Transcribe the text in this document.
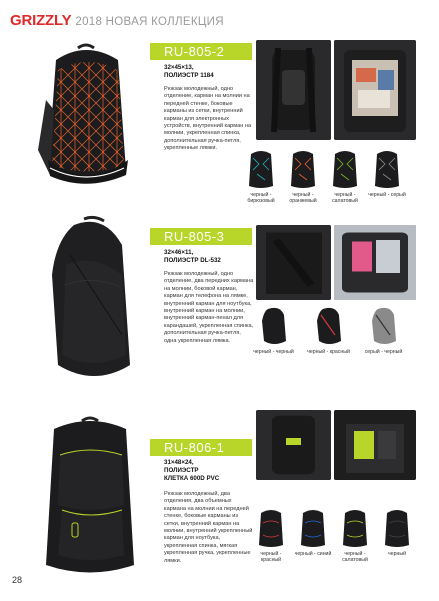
GRIZZLY 2018 НОВАЯ КОЛЛЕКЦИЯ
RU-805-2
32×45×13,
ПОЛИЭСТР 1184
Рюкзак молодежный, одно отделение, карман на молнии на передней стенке, боковые карманы из сетки, внутренний карман для электронных устройств, внутренний карман на молнии, укрепленная спинка, дополнительная ручка-петля, укрепленные лямки.
черный - бирюзовый
черный - оранжевый
черный - салатовый
черный - серый
RU-805-3
32×46×11,
ПОЛИЭСТР DL-532
Рюкзак молодежный, одно отделение, два передних кармана на молнии, боковой карман, карман для телефона на лямке, внутренний карман для ноутбука, внутренний карман на молнии, внутренний карман-пенал для карандашей, укрепленная спинка, дополнительная ручка-петля, одна укрепленная лямка.
черный - черный	черный - красный	серый - черный
RU-806-1
31×48×24,
ПОЛИЭСТР
КЛЕТКА 600D PVC
Рюкзак молодежный, два отделения, два объемных кармана на молнии на передней стенке, боковые карманы из сетки, внутренний карман на молнии, внутренний укрепленный карман для ноутбука, укрепленная спинка, мягкая укрепленная ручка, укрепленные лямки.
черный - красный
черный - синий	черный - салатовый
черный
28
